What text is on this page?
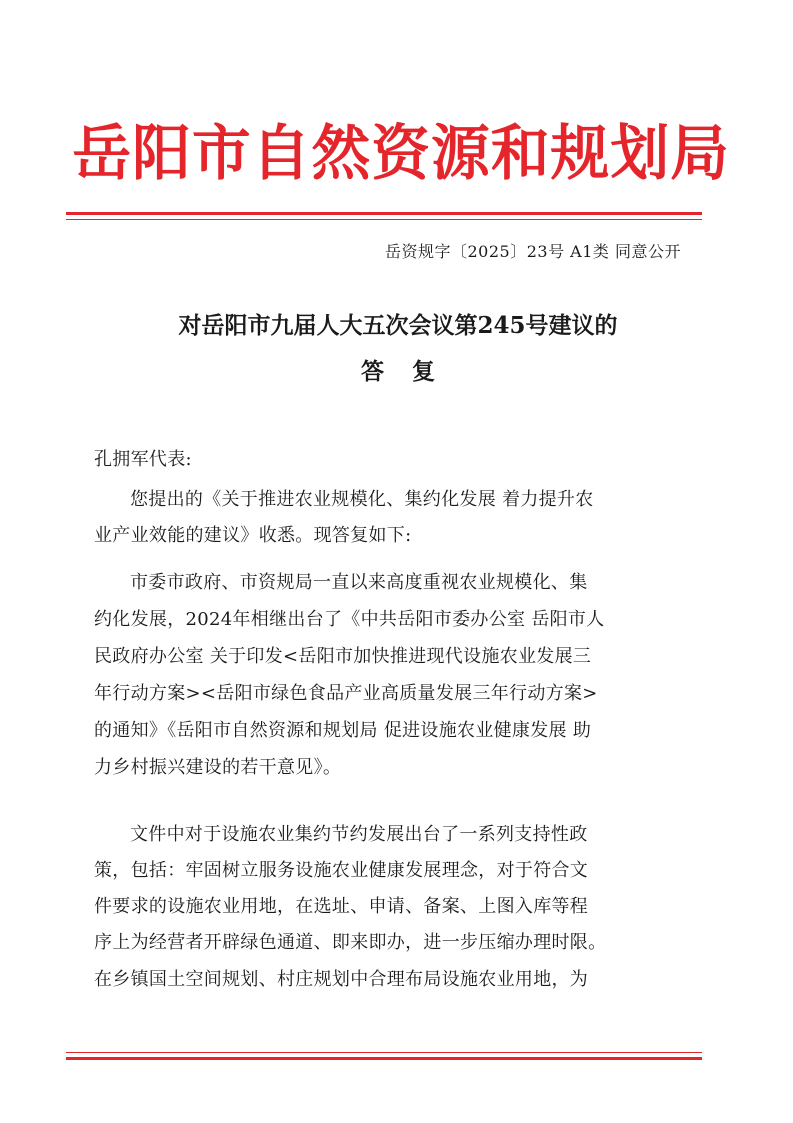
岳阳市自然资源和规划局
岳资规字〔2025〕23号 A1类 同意公开
对岳阳市九届人大五次会议第245号建议的
答复
孔拥军代表:
您提出的《关于推进农业规模化、集约化发展 着力提升农
业产业效能的建议》收悉。现答复如下:
市委市政府、市资规局一直以来高度重视农业规模化、集
约化发展，2024年相继出台了《中共岳阳市委办公室 岳阳市人
民政府办公室 关于印发<岳阳市加快推进现代设施农业发展三
年行动方案><岳阳市绿色食品产业高质量发展三年行动方案>
的通知》《岳阳市自然资源和规划局 促进设施农业健康发展 助
力乡村振兴建设的若干意见》。
文件中对于设施农业集约节约发展出台了一系列支持性政
策，包括：牢固树立服务设施农业健康发展理念，对于符合文
件要求的设施农业用地，在选址、申请、备案、上图入库等程
序上为经营者开辟绿色通道、即来即办，进一步压缩办理时限。
在乡镇国土空间规划、村庄规划中合理布局设施农业用地，为
